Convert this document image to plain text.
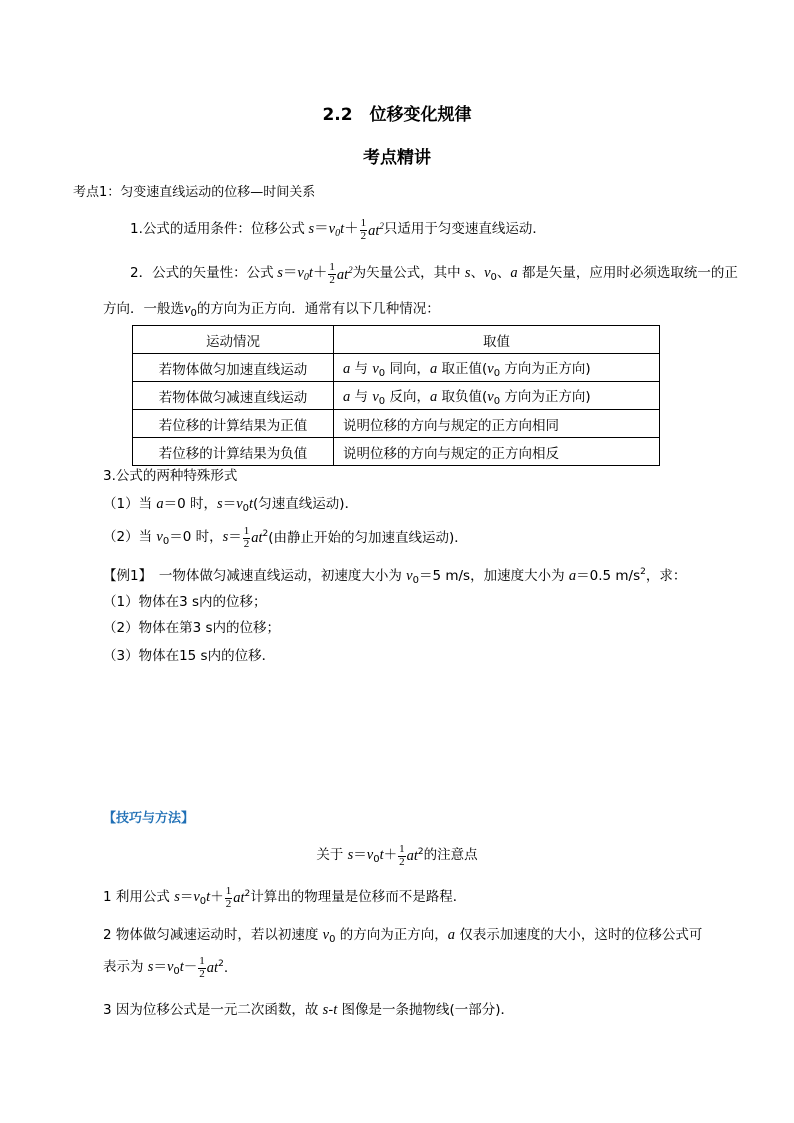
2.2　位移变化规律
考点精讲
考点1：匀变速直线运动的位移—时间关系
1.公式的适用条件：位移公式 $s=v_0t+ \frac{1}{2} at^2$ 只适用于匀变速直线运动．
2．公式的矢量性：公式 $s=v_0t+ \frac{1}{2} at^2$ 为矢量公式，其中 s、$v_0$、a 都是矢量，应用时必须选取统一的正
方向．一般选$v_0$的方向为正方向．通常有以下几种情况：
运动情况	取值
若物体做匀加速直线运动	a 与 $v_0$ 同向，a 取正值($v_0$ 方向为正方向)
若物体做匀减速直线运动	a 与 $v_0$ 反向，a 取负值($v_0$ 方向为正方向)
若位移的计算结果为正值	说明位移的方向与规定的正方向相同
若位移的计算结果为负值	说明位移的方向与规定的正方向相反
3.公式的两种特殊形式
（1）当 a＝0 时，$s=v_0t$(匀速直线运动)．
（2）当 $v_0=0$ 时，$s= \frac{1}{2} at^2$(由静止开始的匀加速直线运动)．
【例1】　一物体做匀减速直线运动，初速度大小为 $v_0=5$ m/s，加速度大小为 a＝0.5 $m/s^2$，求：
（1）物体在3 s内的位移；
（2）物体在第3 s内的位移；
（3）物体在15 s内的位移．
【技巧与方法】
关于 $s=v_0t+ \frac{1}{2} at^2$ 的注意点
1 利用公式 $s=v_0t+ \frac{1}{2} at^2$ 计算出的物理量是位移而不是路程．
2 物体做匀减速运动时，若以初速度 $v_0$ 的方向为正方向，a 仅表示加速度的大小，这时的位移公式可
表示为 $s=v_0t- \frac{1}{2} at^2$.
3 因为位移公式是一元二次函数，故 s-t 图像是一条抛物线(一部分)．
